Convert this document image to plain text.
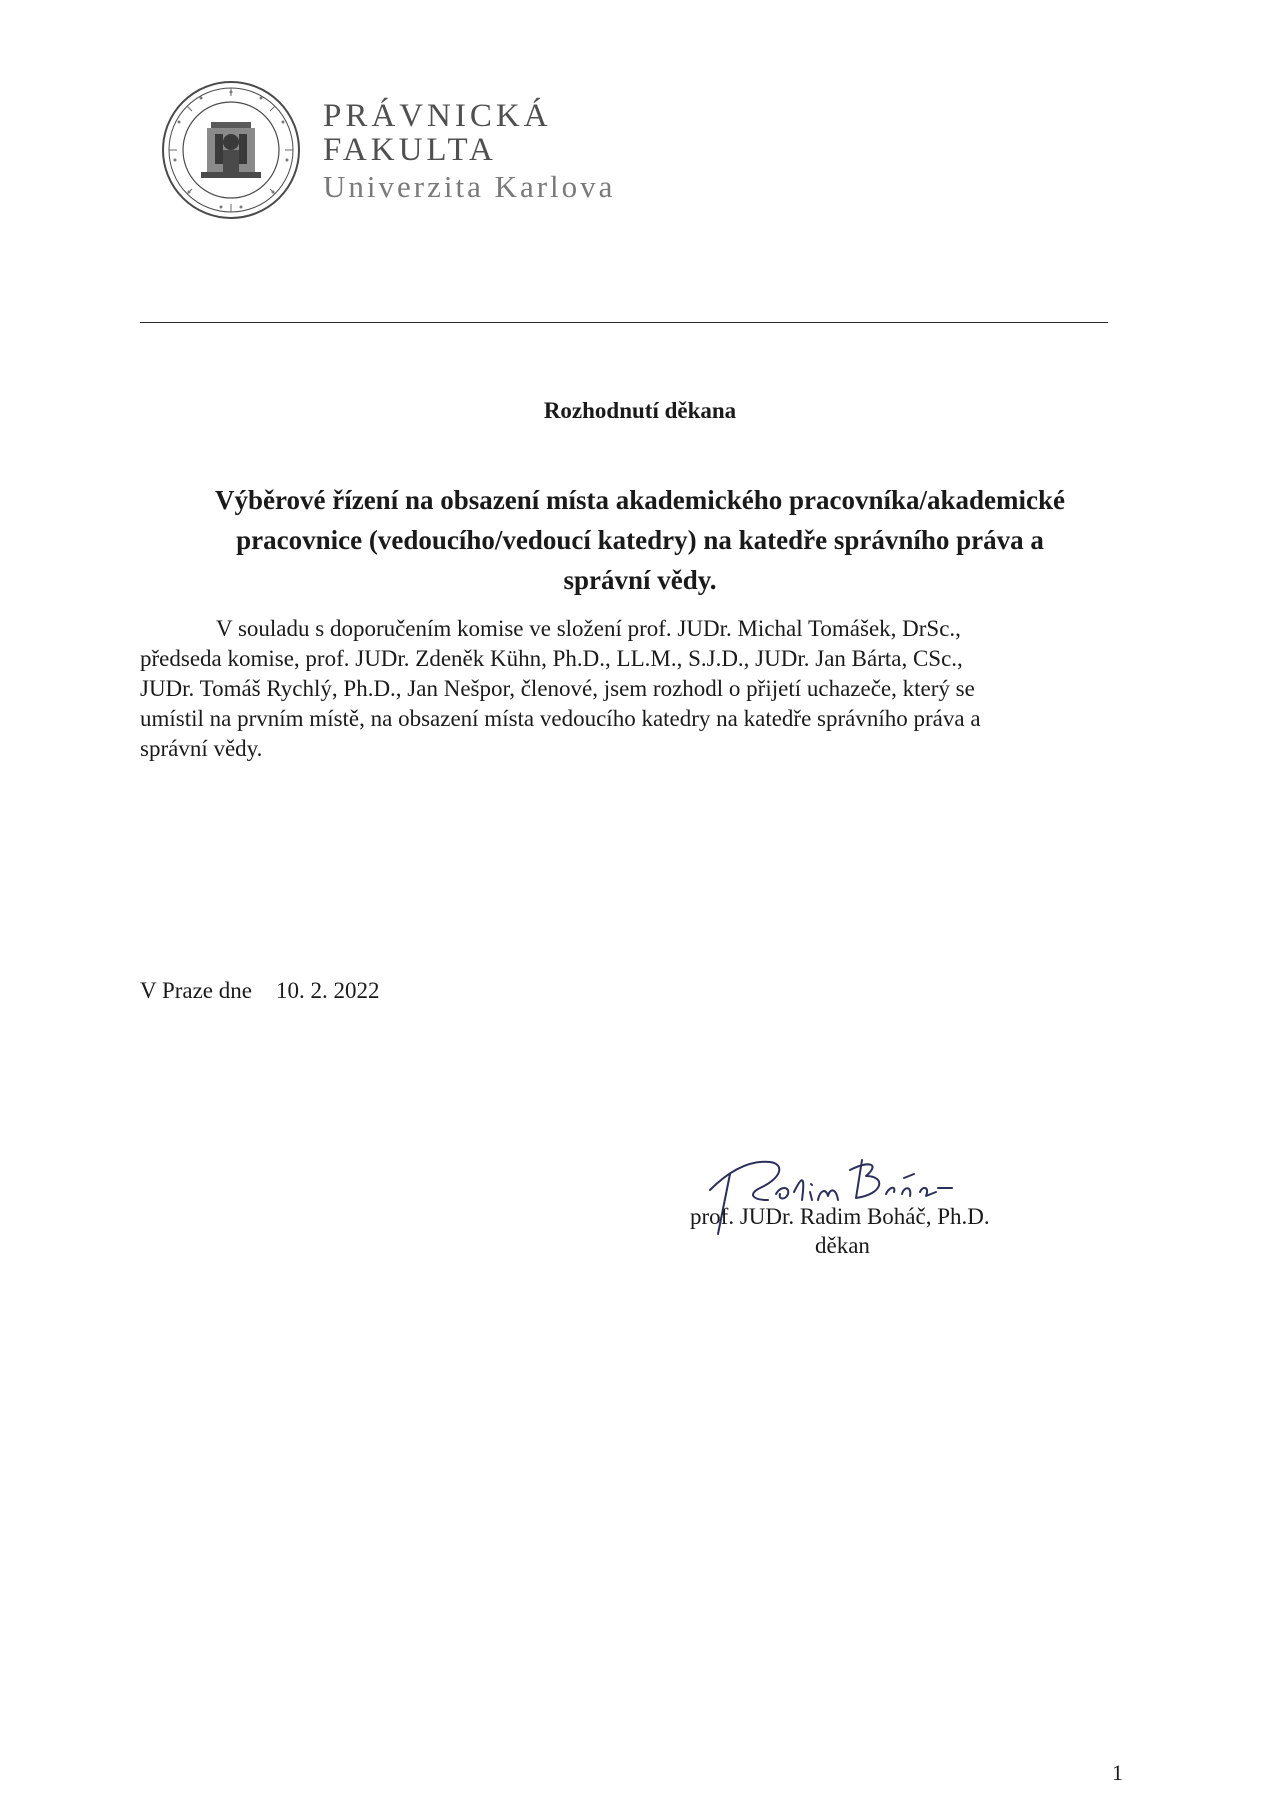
PRÁVNICKÁ
FAKULTA
Univerzita Karlova
Rozhodnutí děkana
Výběrové řízení na obsazení místa akademického pracovníka/akademické
pracovnice (vedoucího/vedoucí katedry) na katedře správního práva a
správní vědy.
V souladu s doporučením komise ve složení prof. JUDr. Michal Tomášek, DrSc.,
předseda komise, prof. JUDr. Zdeněk Kühn, Ph.D., LL.M., S.J.D., JUDr. Jan Bárta, CSc.,
JUDr. Tomáš Rychlý, Ph.D., Jan Nešpor, členové, jsem rozhodl o přijetí uchazeče, který se
umístil na prvním místě, na obsazení místa vedoucího katedry na katedře správního práva a
správní vědy.
V Praze dne 10. 2. 2022
prof. JUDr. Radim Boháč, Ph.D.
děkan
1
